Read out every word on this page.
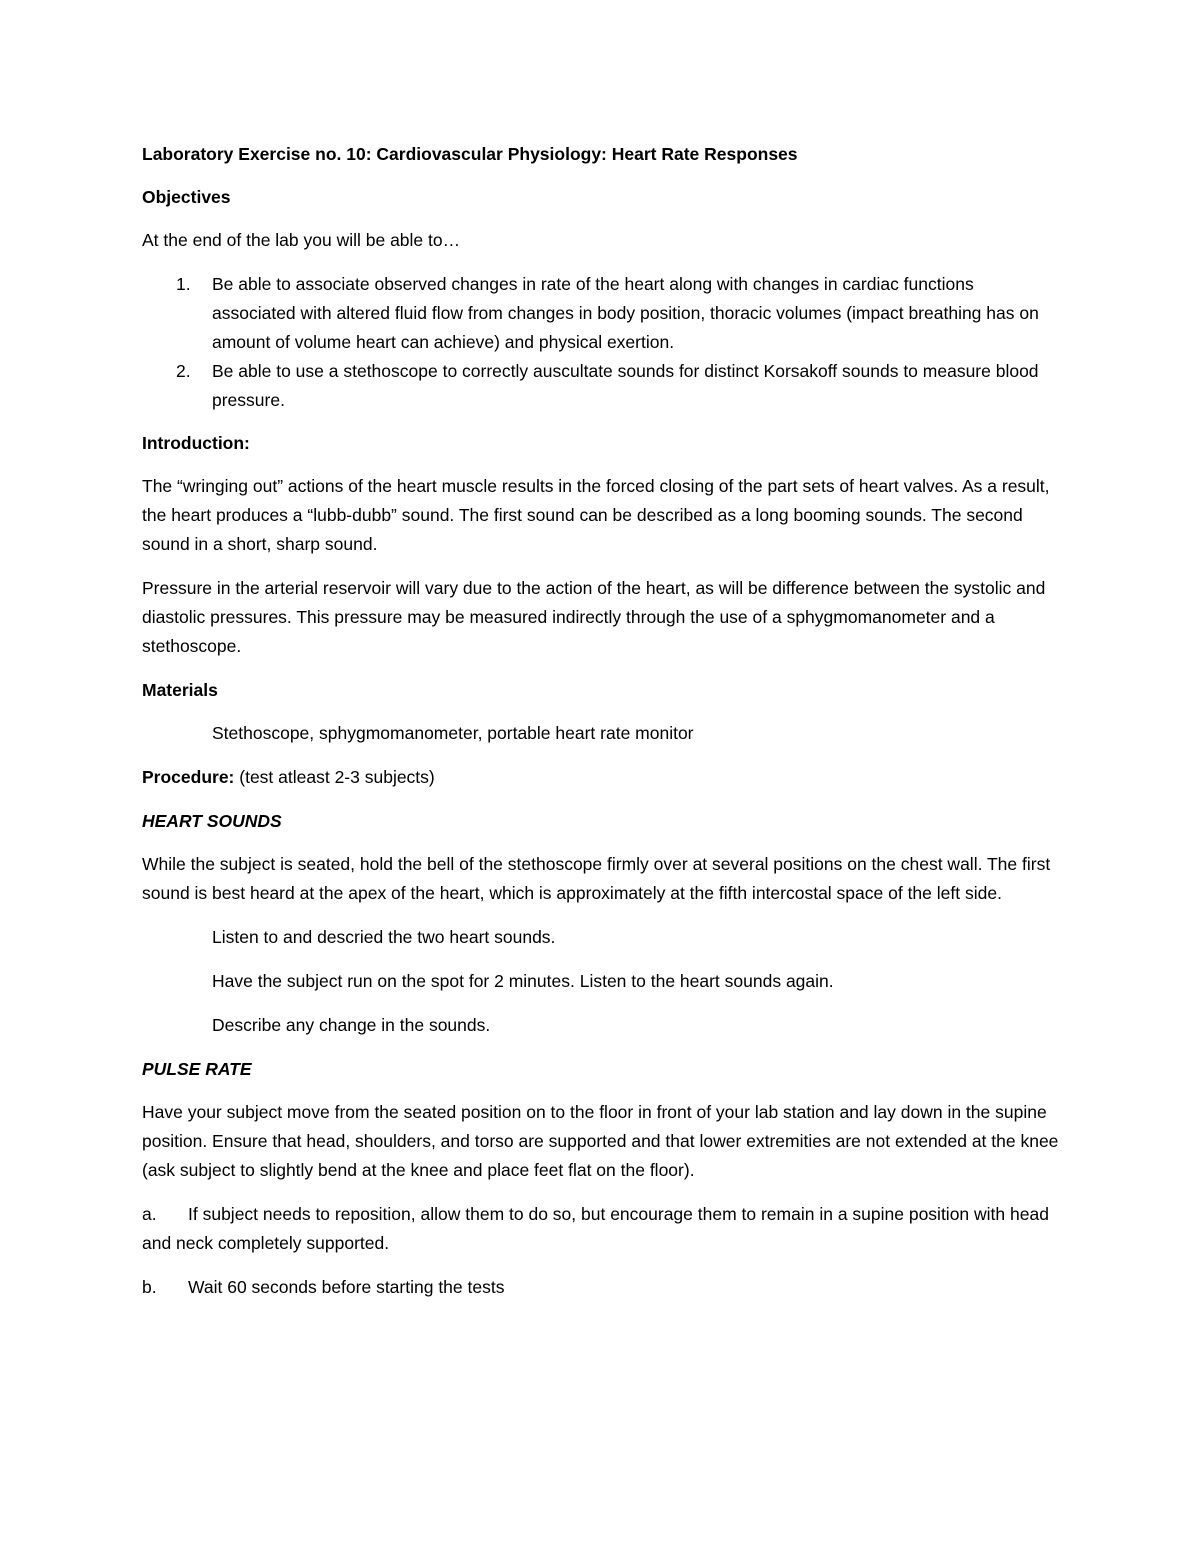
Laboratory Exercise no. 10: Cardiovascular Physiology: Heart Rate Responses

Objectives

At the end of the lab you will be able to…

1. Be able to associate observed changes in rate of the heart along with changes in cardiac functions associated with altered fluid flow from changes in body position, thoracic volumes (impact breathing has on amount of volume heart can achieve) and physical exertion.
2. Be able to use a stethoscope to correctly auscultate sounds for distinct Korsakoff sounds to measure blood pressure.

Introduction:

The “wringing out” actions of the heart muscle results in the forced closing of the part sets of heart valves. As a result, the heart produces a “lubb-dubb” sound. The first sound can be described as a long booming sounds. The second sound in a short, sharp sound.

Pressure in the arterial reservoir will vary due to the action of the heart, as will be difference between the systolic and diastolic pressures. This pressure may be measured indirectly through the use of a sphygmomanometer and a stethoscope.

Materials

Stethoscope, sphygmomanometer, portable heart rate monitor

Procedure: (test atleast 2-3 subjects)

HEART SOUNDS

While the subject is seated, hold the bell of the stethoscope firmly over at several positions on the chest wall. The first sound is best heard at the apex of the heart, which is approximately at the fifth intercostal space of the left side.

Listen to and descried the two heart sounds.

Have the subject run on the spot for 2 minutes. Listen to the heart sounds again.

Describe any change in the sounds.

PULSE RATE

Have your subject move from the seated position on to the floor in front of your lab station and lay down in the supine position. Ensure that head, shoulders, and torso are supported and that lower extremities are not extended at the knee (ask subject to slightly bend at the knee and place feet flat on the floor).

a. If subject needs to reposition, allow them to do so, but encourage them to remain in a supine position with head and neck completely supported.

b. Wait 60 seconds before starting the tests
